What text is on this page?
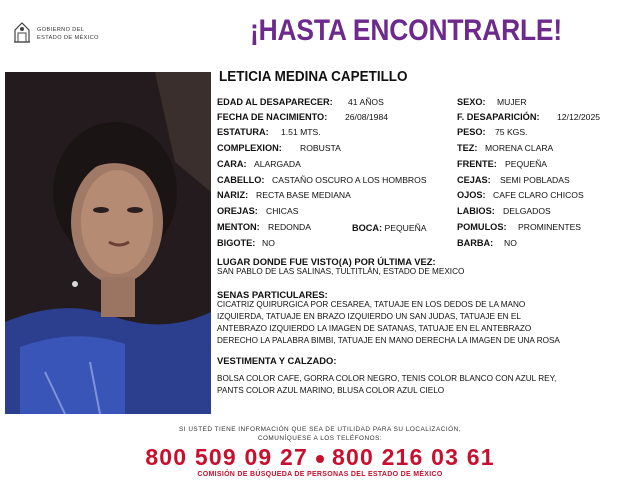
GOBIERNO DEL
ESTADO DE MÉXICO	¡HASTA ENCONTRARLE!
LETICIA MEDINA CAPETILLO
EDAD AL DESAPARECER: 41 AÑOS
FECHA DE NACIMIENTO: 26/08/1984
ESTATURA: 1.51 MTS.
COMPLEXION: ROBUSTA
CARA: ALARGADA
CABELLO: CASTAÑO OSCURO A LOS HOMBROS
NARIZ: RECTA BASE MEDIANA
OREJAS: CHICAS
MENTON: REDONDA
BIGOTE: NO
BOCA: PEQUEÑA
SEXO: MUJER
F. DESAPARICIÓN: 12/12/2025
PESO: 75 KGS.
TEZ: MORENA CLARA
FRENTE: PEQUEÑA
CEJAS: SEMI POBLADAS
OJOS: CAFE CLARO CHICOS
LABIOS: DELGADOS
POMULOS: PROMINENTES
BARBA: NO
LUGAR DONDE FUE VISTO(A) POR ÚLTIMA VEZ:
SAN PABLO DE LAS SALINAS, TULTITLÁN, ESTADO DE MEXICO
SENAS PARTICULARES:
CICATRIZ QUIRURGICA POR CESAREA, TATUAJE EN LOS DEDOS DE LA MANO
IZQUIERDA, TATUAJE EN BRAZO IZQUIERDO UN SAN JUDAS, TATUAJE EN EL
ANTEBRAZO IZQUIERDO LA IMAGEN DE SATANAS, TATUAJE EN EL ANTEBRAZO
DERECHO LA PALABRA BIMBI, TATUAJE EN MANO DERECHA LA IMAGEN DE UNA ROSA
VESTIMENTA Y CALZADO:
BOLSA COLOR CAFE, GORRA COLOR NEGRO, TENIS COLOR BLANCO CON AZUL REY,
PANTS COLOR AZUL MARINO, BLUSA COLOR AZUL CIELO
SI USTED TIENE INFORMACIÓN QUE SEA DE UTILIDAD PARA SU LOCALIZACIÓN,
COMUNÍQUESE A LOS TELÉFONOS:
800 509 09 27 800 216 03 61
COMISIÓN DE BÚSQUEDA DE PERSONAS DEL ESTADO DE MÉXICO
